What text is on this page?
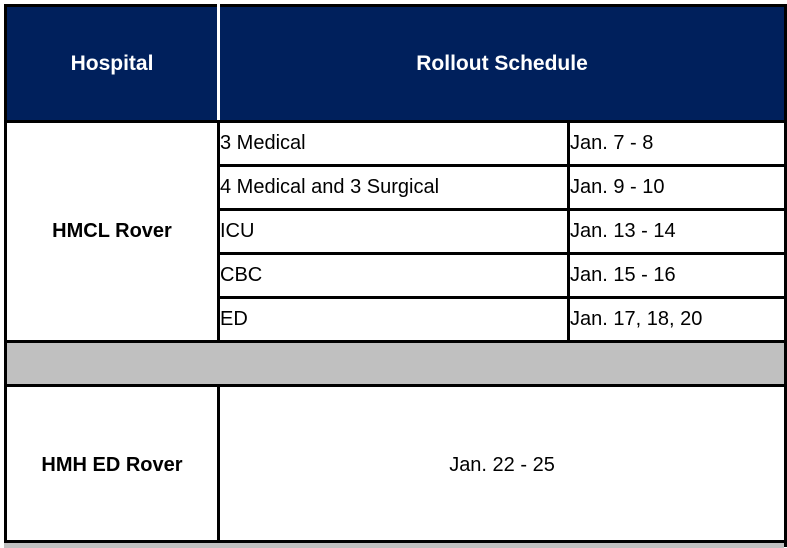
Hospital	Rollout Schedule	
HMCL Rover	3 Medical	Jan. 7 - 8
	4 Medical and 3 Surgical	Jan. 9 - 10
	ICU	Jan. 13 - 14
	CBC	Jan. 15 - 16
	ED	Jan. 17, 18, 20

HMH ED Rover	Jan. 22 - 25	
